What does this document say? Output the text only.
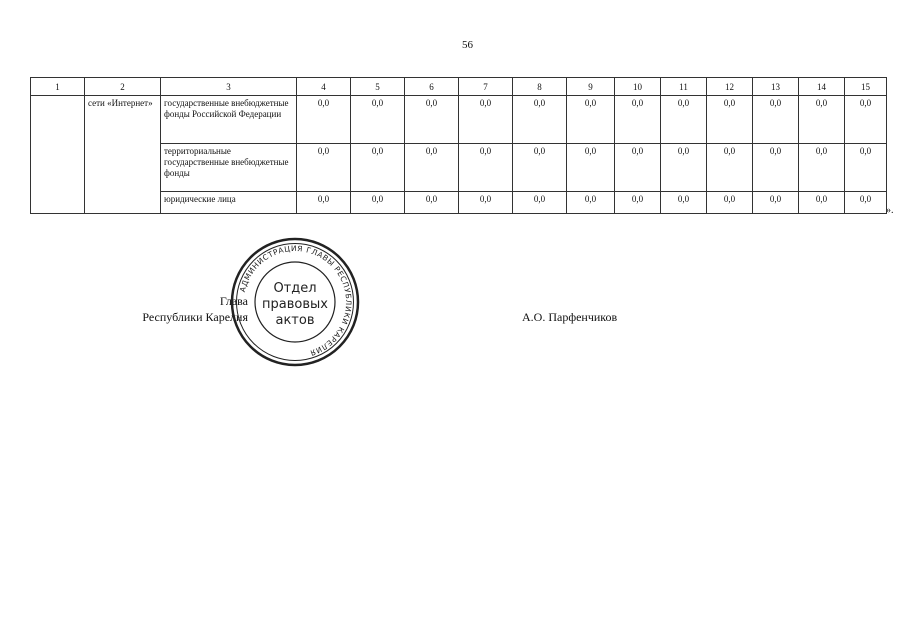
56
1	2	3	4	5	6	7	8	9	10	11	12	13	14	15
	сети «Интернет»	государственные внебюджетные фонды Российской Федерации	0,0	0,0	0,0	0,0	0,0	0,0	0,0	0,0	0,0	0,0	0,0	0,0
		территориальные государственные внебюджетные фонды	0,0	0,0	0,0	0,0	0,0	0,0	0,0	0,0	0,0	0,0	0,0	0,0
		юридические лица	0,0	0,0	0,0	0,0	0,0	0,0	0,0	0,0	0,0	0,0	0,0	0,0
».
Глава
Республики Карелия
АДМИНИСТРАЦИЯ ГЛАВЫ РЕСПУБЛИКИ КАРЕЛИЯ
Отдел
правовых
актов	А.О. Парфенчиков
